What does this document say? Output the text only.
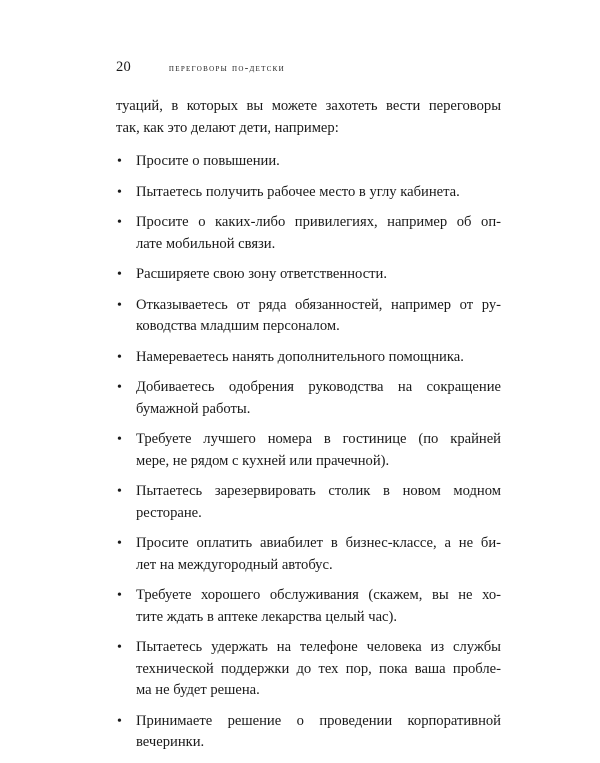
20	переговоры по-детски

туаций, в которых вы можете захотеть вести переговоры
так, как это делают дети, например:

• Просите о повышении.
• Пытаетесь получить рабочее место в углу кабинета.
• Просите о каких-либо привилегиях, например об оп-
лате мобильной связи.
• Расширяете свою зону ответственности.
• Отказываетесь от ряда обязанностей, например от ру-
ководства младшим персоналом.
• Намереваетесь нанять дополнительного помощника.
• Добиваетесь одобрения руководства на сокращение
бумажной работы.
• Требуете лучшего номера в гостинице (по крайней
мере, не рядом с кухней или прачечной).
• Пытаетесь зарезервировать столик в новом модном
ресторане.
• Просите оплатить авиабилет в бизнес-классе, а не би-
лет на междугородный автобус.
• Требуете хорошего обслуживания (скажем, вы не хо-
тите ждать в аптеке лекарства целый час).
• Пытаетесь удержать на телефоне человека из службы
технической поддержки до тех пор, пока ваша пробле-
ма не будет решена.
• Принимаете решение о проведении корпоративной
вечеринки.
